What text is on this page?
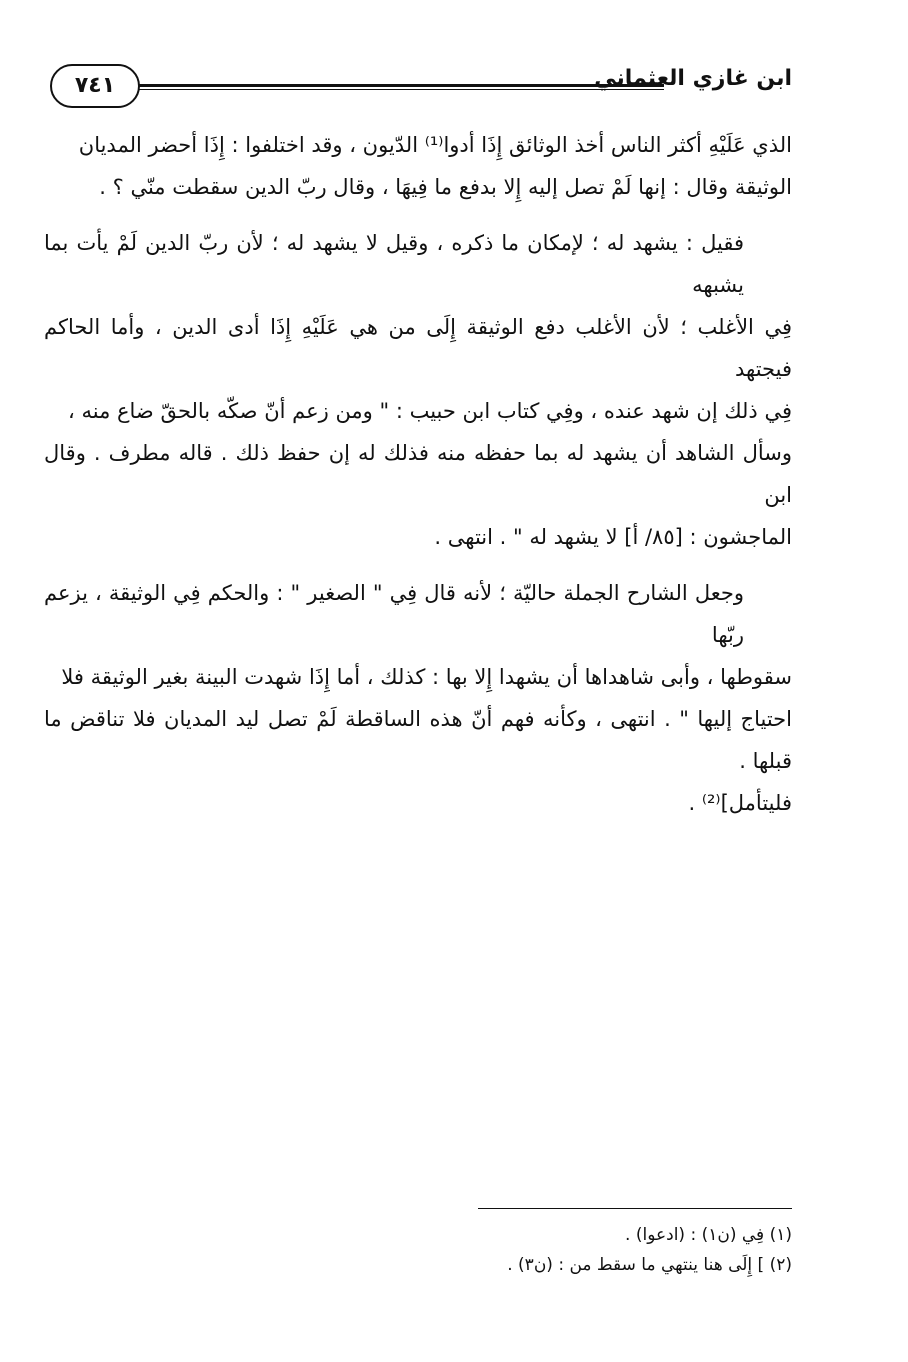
٧٤١	ابن غازي العثماني

الذي عَلَيْهِ أكثر الناس أخذ الوثائق إِذَا أدوا⁽¹⁾ الدّيون ، وقد اختلفوا : إِذَا أحضر المديان

الوثيقة وقال : إنها لَمْ تصل إليه إِلا بدفع ما فِيهَا ، وقال ربّ الدين سقطت منّي ؟ .

فقيل : يشهد له ؛ لإمكان ما ذكره ، وقيل لا يشهد له ؛ لأن ربّ الدين لَمْ يأت بما يشبهه

فِي الأغلب ؛ لأن الأغلب دفع الوثيقة إِلَى من هي عَلَيْهِ إِذَا أدى الدين ، وأما الحاكم فيجتهد

فِي ذلك إن شهد عنده ، وفِي كتاب ابن حبيب : " ومن زعم أنّ صكّه بالحقّ ضاع منه ،

وسأل الشاهد أن يشهد له بما حفظه منه فذلك له إن حفظ ذلك . قاله مطرف . وقال ابن

الماجشون : [٨٥/ أ] لا يشهد له " . انتهى .

وجعل الشارح الجملة حاليّة ؛ لأنه قال فِي " الصغير " : والحكم فِي الوثيقة ، يزعم ربّها

سقوطها ، وأبى شاهداها أن يشهدا إِلا بها : كذلك ، أما إِذَا شهدت البينة بغير الوثيقة فلا

احتياج إليها " . انتهى ، وكأنه فهم أنّ هذه الساقطة لَمْ تصل ليد المديان فلا تناقض ما قبلها .

فليتأمل]⁽²⁾ .

(١) فِي (ن١) : (ادعوا) .

(٢) ] إِلَى هنا ينتهي ما سقط من : (ن٣) .
